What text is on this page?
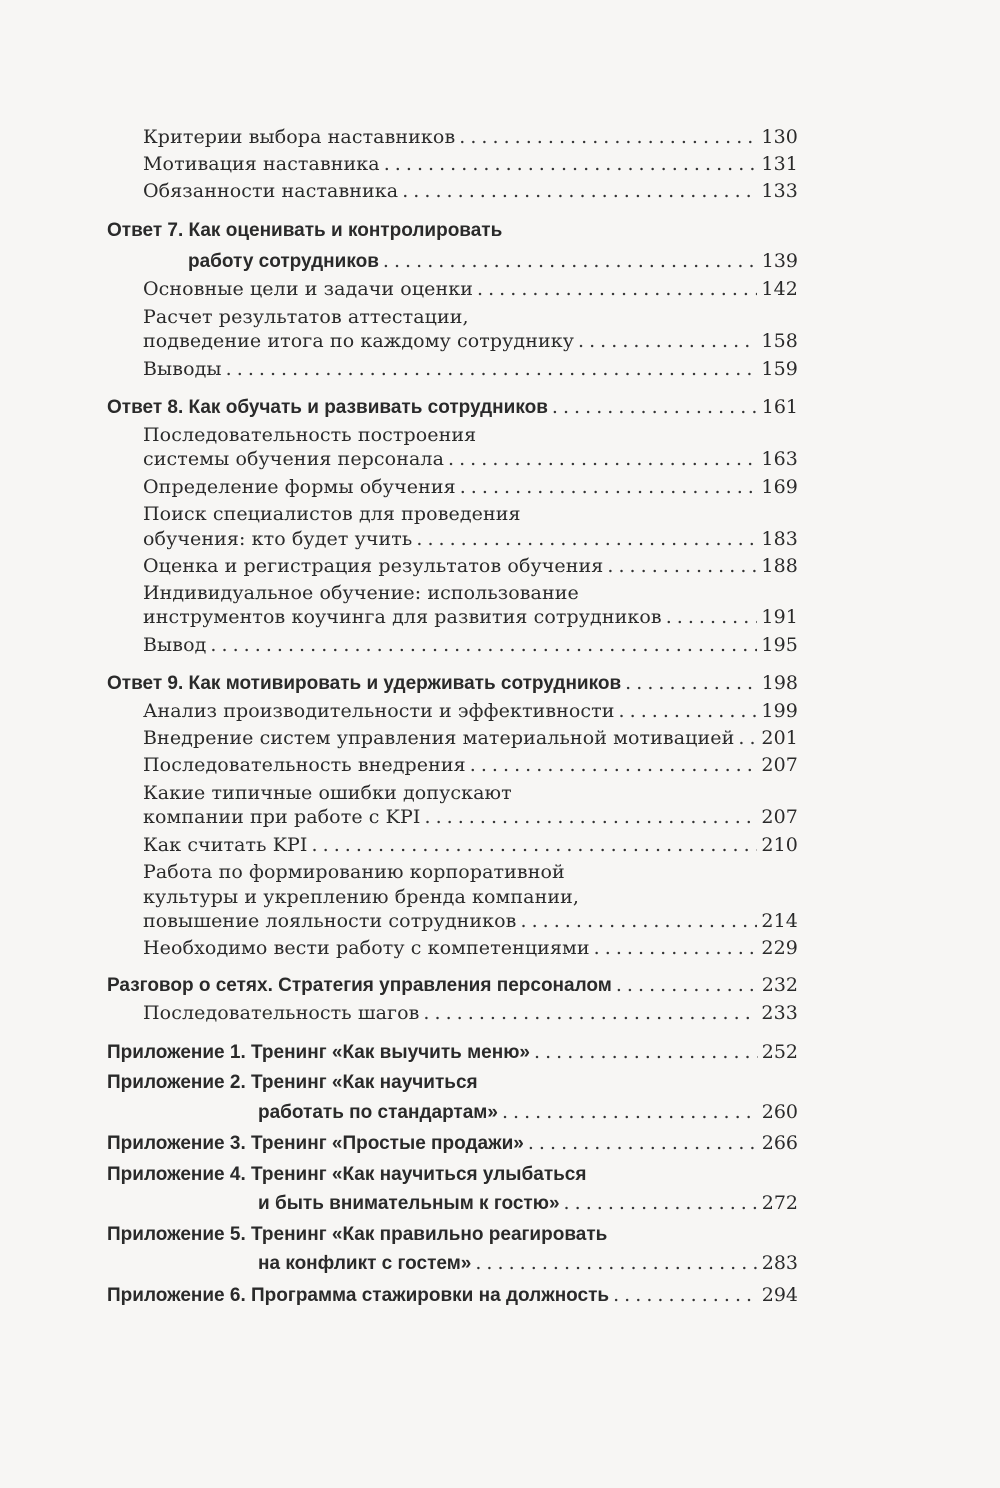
Критерии выбора наставников . . .	130
Мотивация наставника . . .	131
Обязанности наставника . . .	133
Ответ 7. Как оценивать и контролировать
работу сотрудников . . .	139
Основные цели и задачи оценки . . .	142
Расчет результатов аттестации,
подведение итога по каждому сотруднику . . .	158
Выводы . . .	159
Ответ 8. Как обучать и развивать сотрудников . . .	161
Последовательность построения
системы обучения персонала . . .	163
Определение формы обучения . . .	169
Поиск специалистов для проведения
обучения: кто будет учить . . .	183
Оценка и регистрация результатов обучения . . .	188
Индивидуальное обучение: использование
инструментов коучинга для развития сотрудников . . .	191
Вывод . . .	195
Ответ 9. Как мотивировать и удерживать сотрудников . . .	198
Анализ производительности и эффективности . . .	199
Внедрение систем управления материальной мотивацией . . . 201
Последовательность внедрения . . .	207
Какие типичные ошибки допускают
компании при работе с KPI . . .	207
Как считать KPI . . .	210
Работа по формированию корпоративной
культуры и укреплению бренда компании,
повышение лояльности сотрудников . . .	214
Необходимо вести работу с компетенциями . . .	229
Разговор о сетях. Стратегия управления персоналом . . .	232
Последовательность шагов . . .	233
Приложение 1. Тренинг «Как выучить меню» . . .	252
Приложение 2. Тренинг «Как научиться
работать по стандартам» . . .	260
Приложение 3. Тренинг «Простые продажи» . . .	266
Приложение 4. Тренинг «Как научиться улыбаться
и быть внимательным к гостю» . . .	272
Приложение 5. Тренинг «Как правильно реагировать
на конфликт с гостем» . . .	283
Приложение 6. Программа стажировки на должность . . .	294
